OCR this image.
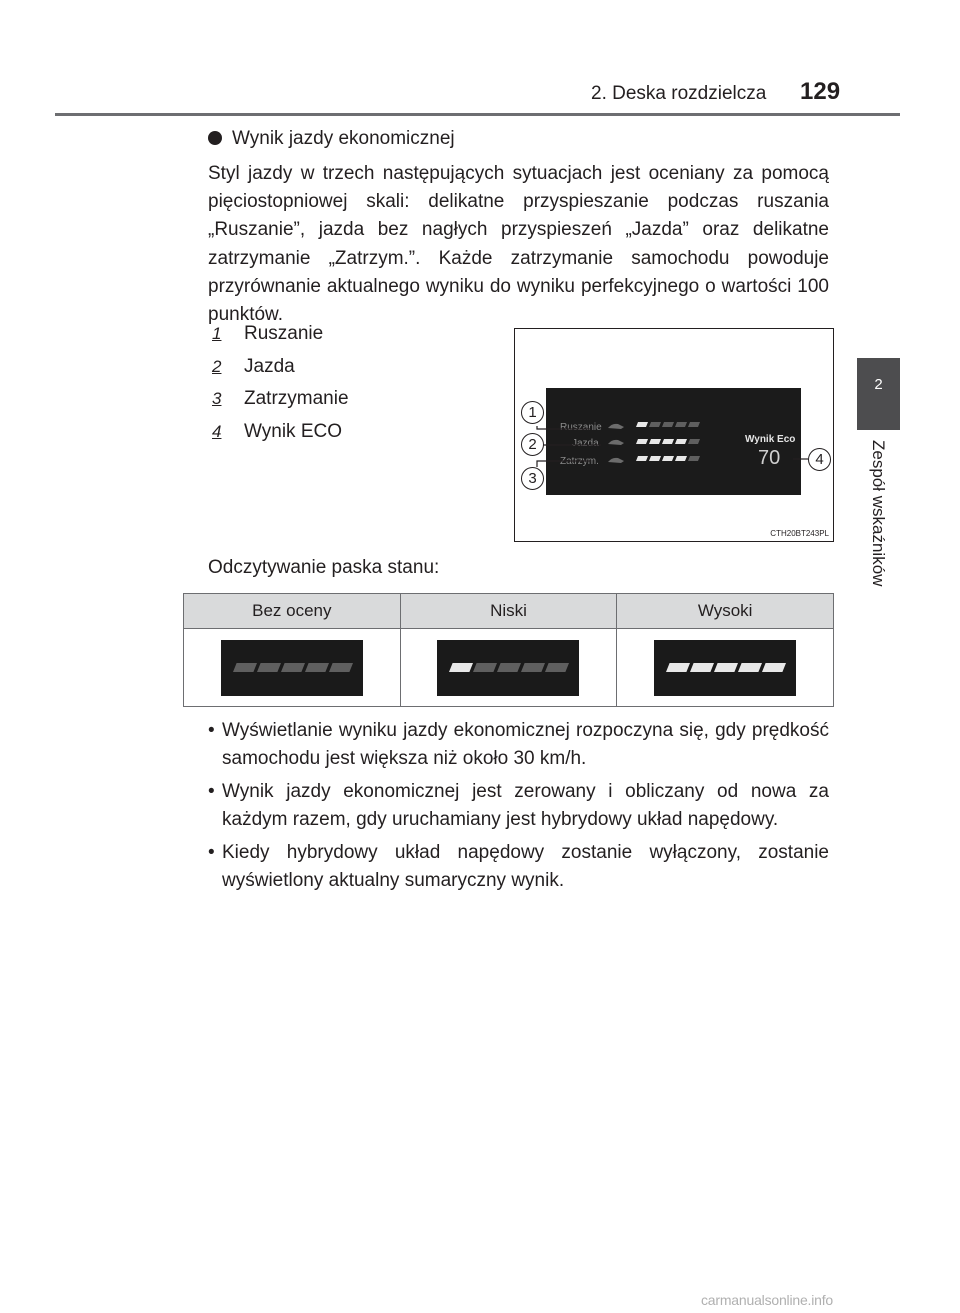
2. Deska rozdzielcza 129
2
Zespół wskaźników
Wynik jazdy ekonomicznej

Styl jazdy w trzech następujących sytuacjach jest oceniany za pomocą pięciostopniowej skali: delikatne przyspieszanie podczas ruszania „Ruszanie”, jazda bez nagłych przyspieszeń „Jazda” oraz delikatne zatrzymanie „Zatrzym.”. Każde zatrzymanie samochodu powoduje przyrównanie aktualnego wyniku do wyniku perfekcyjnego o wartości 100 punktów.

1 Ruszanie
2 Jazda
3 Zatrzymanie
4 Wynik ECO	Ruszanie
Jazda
Zatrzym.
Wynik Eco
70
1
2
3
4
CTH20BT243PL
Odczytywanie paska stanu:
Bez oceny	Niski	Wysoki

• Wyświetlanie wyniku jazdy ekonomicznej rozpoczyna się, gdy prędkość samochodu jest większa niż około 30 km/h.
• Wynik jazdy ekonomicznej jest zerowany i obliczany od nowa za każdym razem, gdy uruchamiany jest hybrydowy układ napędowy.
• Kiedy hybrydowy układ napędowy zostanie wyłączony, zostanie wyświetlony aktualny sumaryczny wynik.
carmanualsonline.info
